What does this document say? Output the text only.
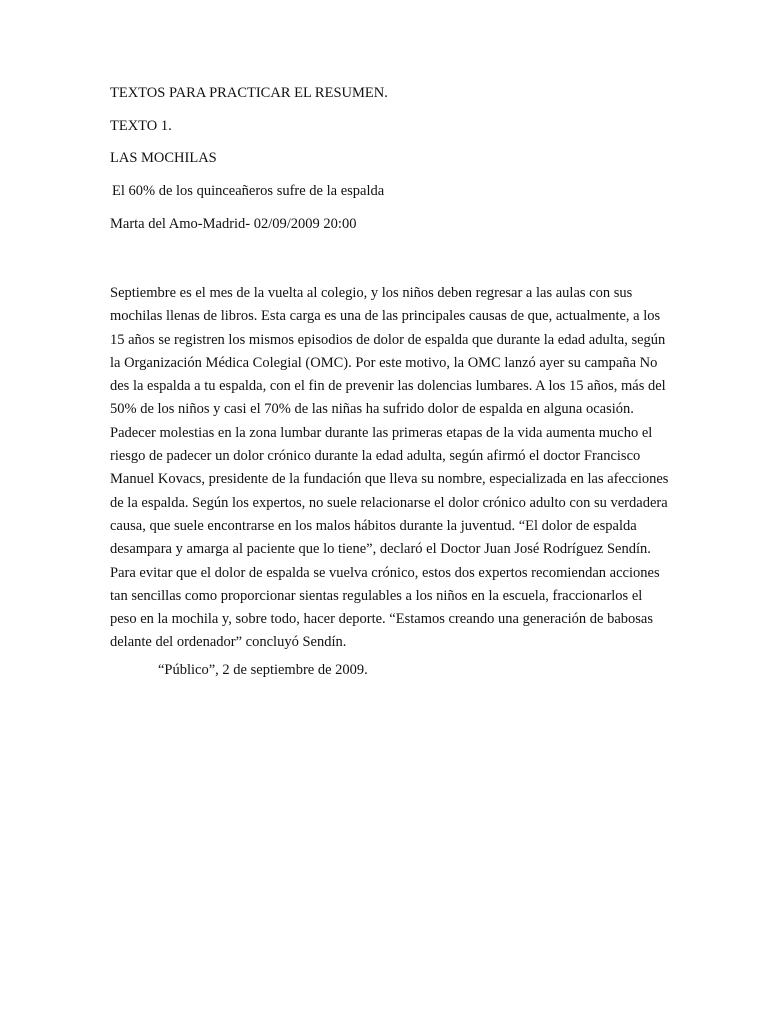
TEXTOS PARA PRACTICAR EL RESUMEN.
TEXTO 1.
LAS MOCHILAS
El 60% de los quinceañeros sufre de la espalda
Marta del Amo-Madrid- 02/09/2009 20:00
Septiembre es el mes de la vuelta al colegio, y los niños deben regresar a las aulas con sus
mochilas llenas de libros. Esta carga es una de las principales causas de que, actualmente, a los
15 años se registren los mismos episodios de dolor de espalda que durante la edad adulta, según
la Organización Médica Colegial (OMC). Por este motivo, la OMC lanzó ayer su campaña No
des la espalda a tu espalda, con el fin de prevenir las dolencias lumbares. A los 15 años, más del
50% de los niños y casi el 70% de las niñas ha sufrido dolor de espalda en alguna ocasión.
Padecer molestias en la zona lumbar durante las primeras etapas de la vida aumenta mucho el
riesgo de padecer un dolor crónico durante la edad adulta, según afirmó el doctor Francisco
Manuel Kovacs, presidente de la fundación que lleva su nombre, especializada en las afecciones
de la espalda. Según los expertos, no suele relacionarse el dolor crónico adulto con su verdadera
causa, que suele encontrarse en los malos hábitos durante la juventud. “El dolor de espalda
desampara y amarga al paciente que lo tiene”, declaró el Doctor Juan José Rodríguez Sendín.
Para evitar que el dolor de espalda se vuelva crónico, estos dos expertos recomiendan acciones
tan sencillas como proporcionar sientas regulables a los niños en la escuela, fraccionarlos el
peso en la mochila y, sobre todo, hacer deporte. “Estamos creando una generación de babosas
delante del ordenador” concluyó Sendín.
“Público”, 2 de septiembre de 2009.
